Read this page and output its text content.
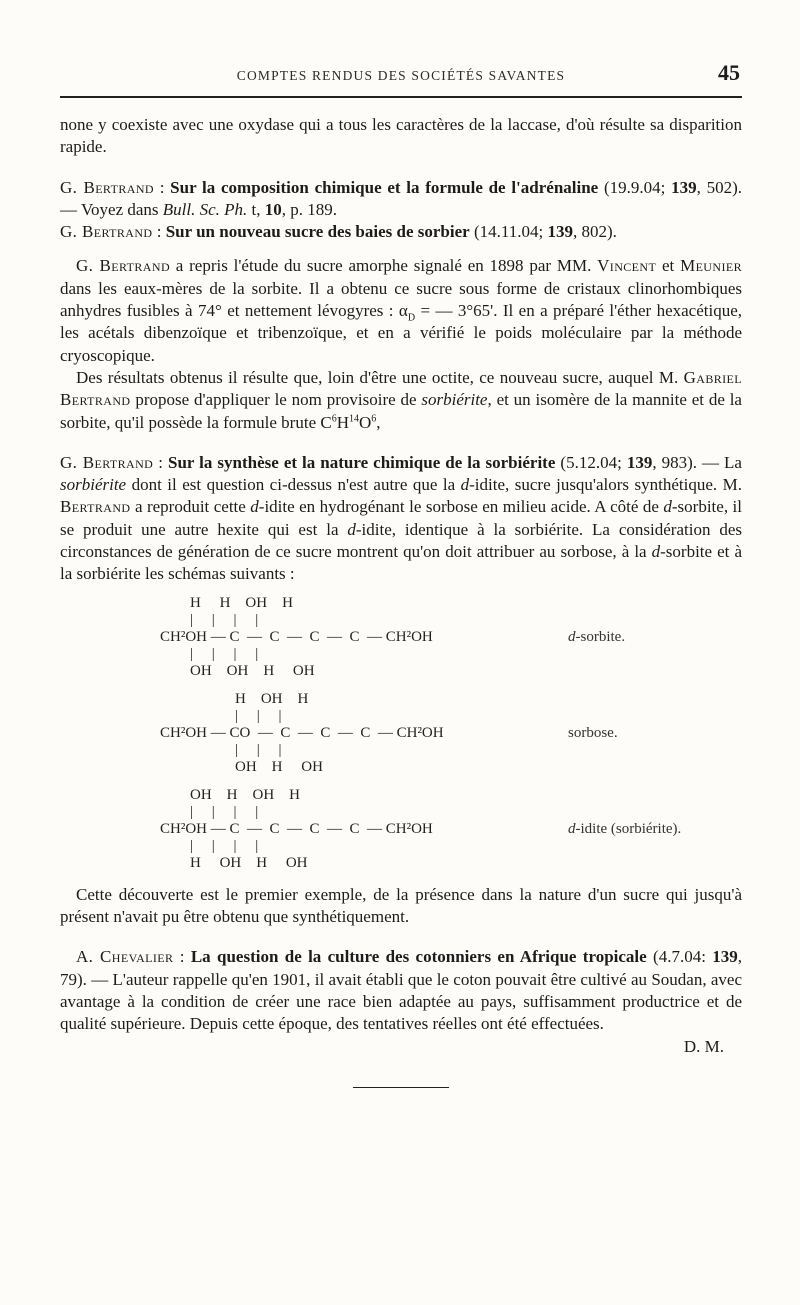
COMPTES RENDUS DES SOCIÉTÉS SAVANTES	45

none y coexiste avec une oxydase qui a tous les caractères de la laccase, d'où résulte sa disparition rapide.

G. Bertrand : Sur la composition chimique et la formule de l'adrénaline (19.9.04; 139, 502). — Voyez dans Bull. Sc. Ph. t, 10, p. 189.

G. Bertrand : Sur un nouveau sucre des baies de sorbier (14.11.04; 139, 802).

G. Bertrand a repris l'étude du sucre amorphe signalé en 1898 par MM. Vincent et Meunier dans les eaux-mères de la sorbite. Il a obtenu ce sucre sous forme de cristaux clinorhombiques anhydres fusibles à 74° et nettement lévogyres : $\alpha_D$ = — 3°65'. Il en a préparé l'éther hexacétique, les acétals dibenzoïque et tribenzoïque, et en a vérifié le poids moléculaire par la méthode cryoscopique.

Des résultats obtenus il résulte que, loin d'être une octite, ce nouveau sucre, auquel M. Gabriel Bertrand propose d'appliquer le nom provisoire de sorbiérite, et un isomère de la mannite et de la sorbite, qu'il possède la formule brute $C^6H^{14}O^6$,

G. Bertrand : Sur la synthèse et la nature chimique de la sorbiérite (5.12.04; 139, 983). — La sorbiérite dont il est question ci-dessus n'est autre que la d-idite, sucre jusqu'alors synthétique. M. Bertrand a reproduit cette d-idite en hydrogénant le sorbose en milieu acide. A côté de d-sorbite, il se produit une autre hexite qui est la d-idite, identique à la sorbiérite. La considération des circonstances de génération de ce sucre montrent qu'on doit attribuer au sorbose, à la d-sorbite et à la sorbiérite les schémas suivants :

H     H    OH    H
|     |     |     |
CH²OH — C  —  C  —  C  —  C  — CH²OH
|     |     |     |
OH    OH    H     OH
d-sorbite.
H    OH    H
|     |     |
CH²OH — CO  —  C  —  C  —  C  — CH²OH
|     |     |
OH    H     OH
sorbose.
OH    H    OH    H
|     |     |     |
CH²OH — C  —  C  —  C  —  C  — CH²OH
|     |     |     |
H     OH    H     OH
d-idite (sorbiérite).

Cette découverte est le premier exemple, de la présence dans la nature d'un sucre qui jusqu'à présent n'avait pu être obtenu que synthétiquement.

A. Chevalier : La question de la culture des cotonniers en Afrique tropicale (4.7.04: 139, 79). — L'auteur rappelle qu'en 1901, il avait établi que le coton pouvait être cultivé au Soudan, avec avantage à la condition de créer une race bien adaptée au pays, suffisamment productrice et de qualité supérieure. Depuis cette époque, des tentatives réelles ont été effectuées.

D. M.
